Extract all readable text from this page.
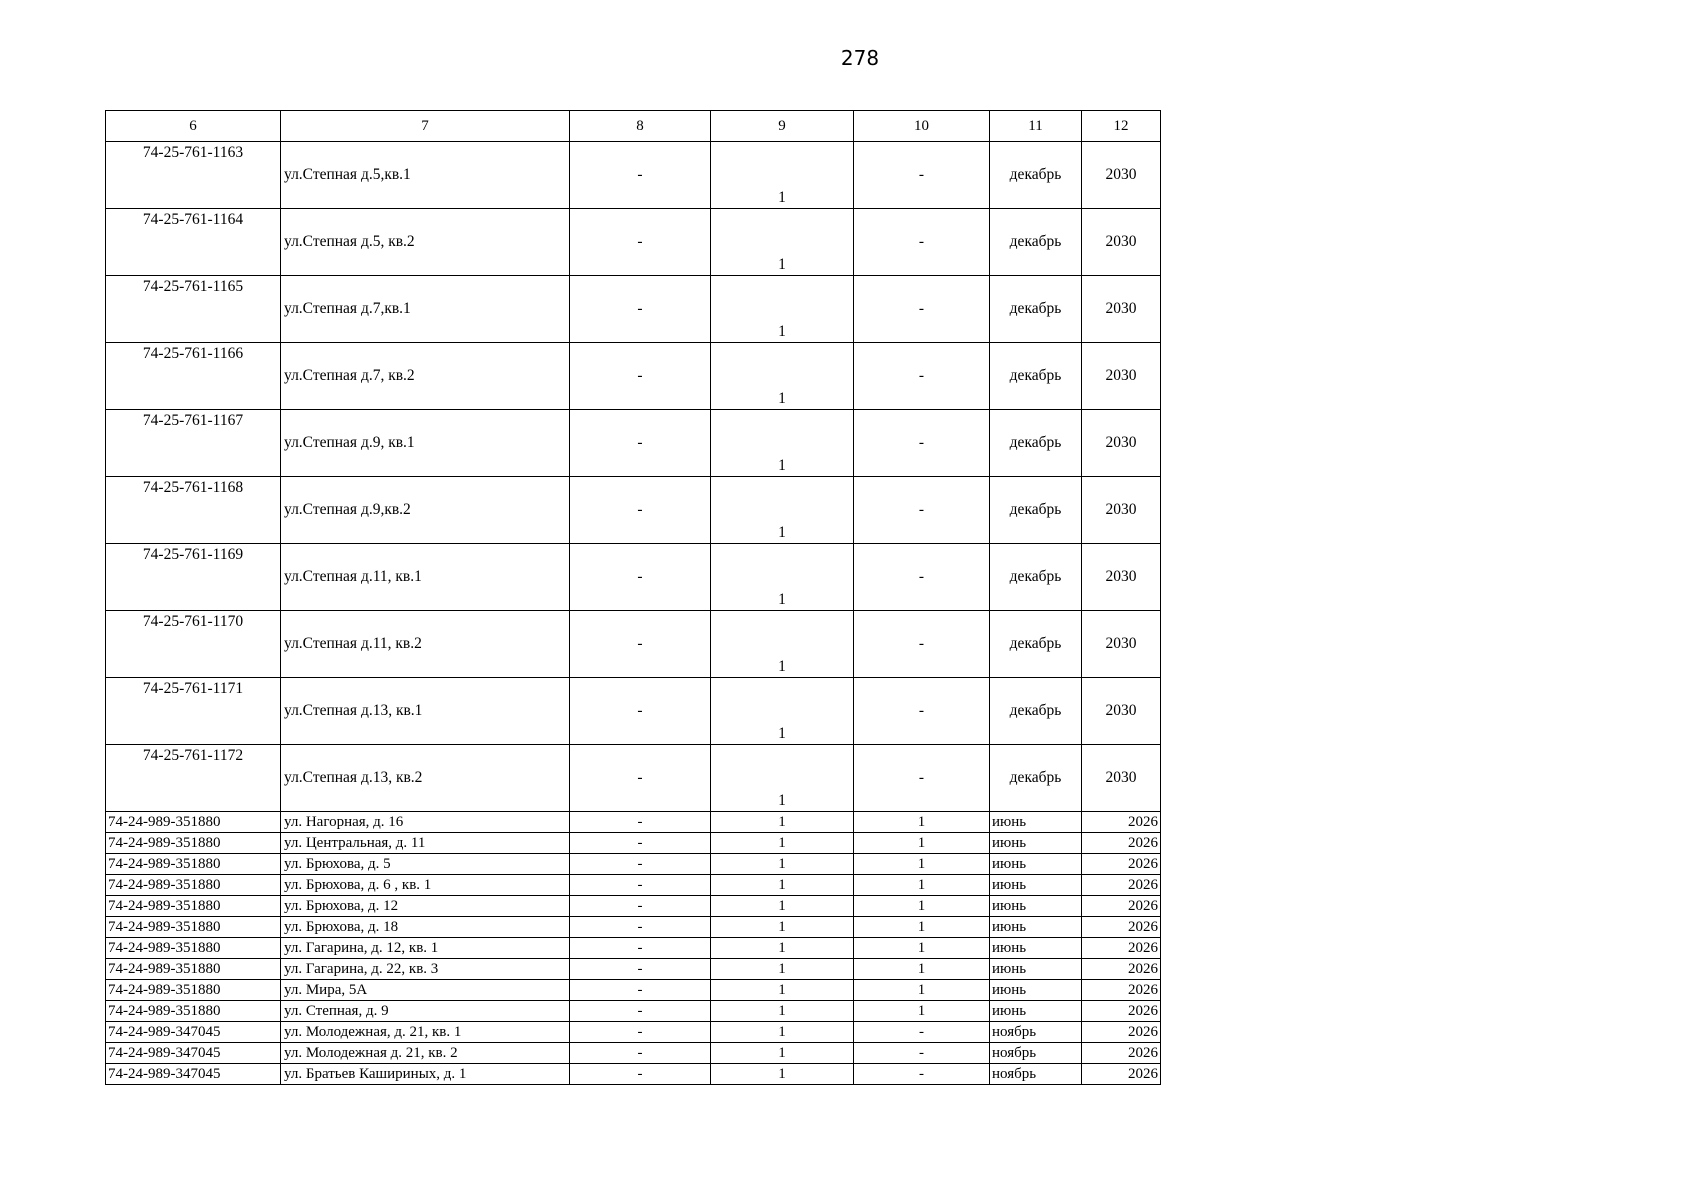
278
6	7	8	9	10	11	12
74-25-761-1163	ул.Степная д.5,кв.1	-	1	-	декабрь	2030
74-25-761-1164	ул.Степная д.5, кв.2	-	1	-	декабрь	2030
74-25-761-1165	ул.Степная д.7,кв.1	-	1	-	декабрь	2030
74-25-761-1166	ул.Степная д.7, кв.2	-	1	-	декабрь	2030
74-25-761-1167	ул.Степная д.9, кв.1	-	1	-	декабрь	2030
74-25-761-1168	ул.Степная д.9,кв.2	-	1	-	декабрь	2030
74-25-761-1169	ул.Степная д.11, кв.1	-	1	-	декабрь	2030
74-25-761-1170	ул.Степная д.11, кв.2	-	1	-	декабрь	2030
74-25-761-1171	ул.Степная д.13, кв.1	-	1	-	декабрь	2030
74-25-761-1172	ул.Степная д.13, кв.2	-	1	-	декабрь	2030
74-24-989-351880	ул. Нагорная, д. 16	-	1	1	июнь	2026
74-24-989-351880	ул. Центральная, д. 11	-	1	1	июнь	2026
74-24-989-351880	ул. Брюхова, д. 5	-	1	1	июнь	2026
74-24-989-351880	ул. Брюхова, д. 6 , кв. 1	-	1	1	июнь	2026
74-24-989-351880	ул. Брюхова, д. 12	-	1	1	июнь	2026
74-24-989-351880	ул. Брюхова, д. 18	-	1	1	июнь	2026
74-24-989-351880	ул. Гагарина, д. 12, кв. 1	-	1	1	июнь	2026
74-24-989-351880	ул. Гагарина, д. 22, кв. 3	-	1	1	июнь	2026
74-24-989-351880	ул. Мира, 5А	-	1	1	июнь	2026
74-24-989-351880	ул. Степная, д. 9	-	1	1	июнь	2026
74-24-989-347045	ул. Молодежная, д. 21, кв. 1	-	1	-	ноябрь	2026
74-24-989-347045	ул. Молодежная д. 21, кв. 2	-	1	-	ноябрь	2026
74-24-989-347045	ул. Братьев Кашириных, д. 1	-	1	-	ноябрь	2026
